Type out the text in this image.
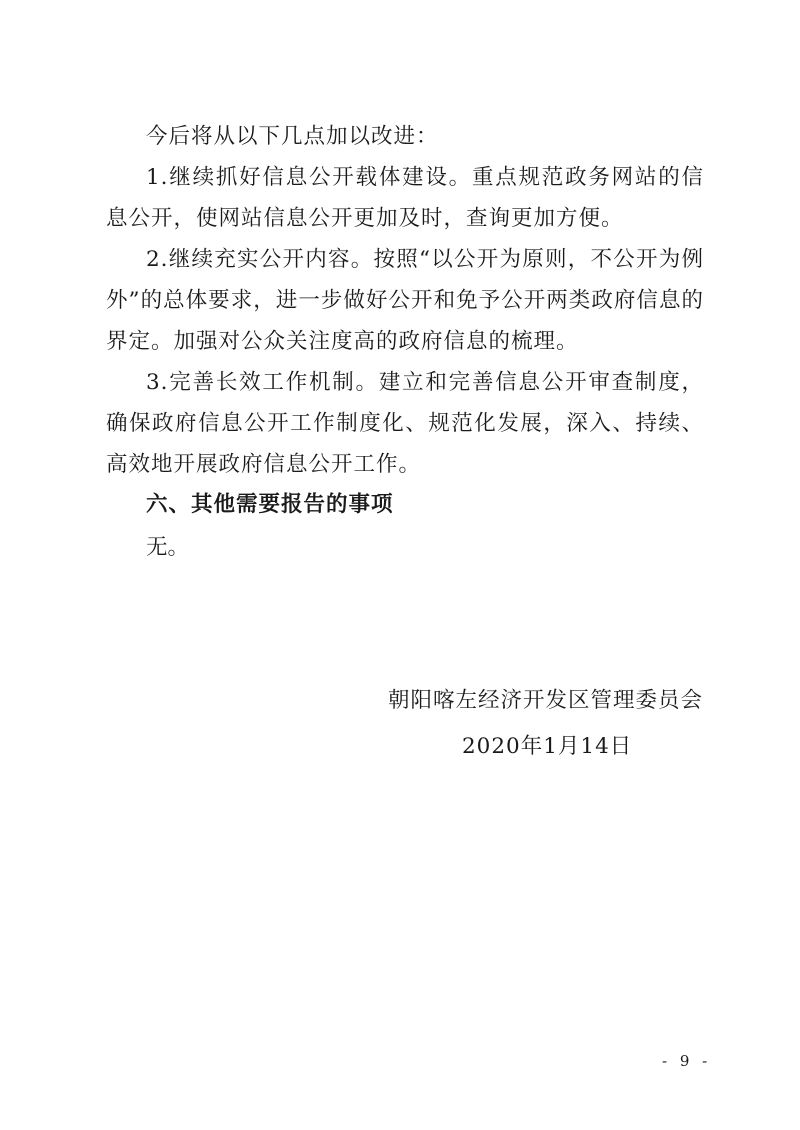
今后将从以下几点加以改进：

1.继续抓好信息公开载体建设。重点规范政务网站的信息公开，使网站信息公开更加及时，查询更加方便。

2.继续充实公开内容。按照“以公开为原则，不公开为例外”的总体要求，进一步做好公开和免予公开两类政府信息的界定。加强对公众关注度高的政府信息的梳理。

3.完善长效工作机制。建立和完善信息公开审查制度，确保政府信息公开工作制度化、规范化发展，深入、持续、高效地开展政府信息公开工作。

六、其他需要报告的事项

无。

朝阳喀左经济开发区管理委员会
2020年1月14日
- 9 -
